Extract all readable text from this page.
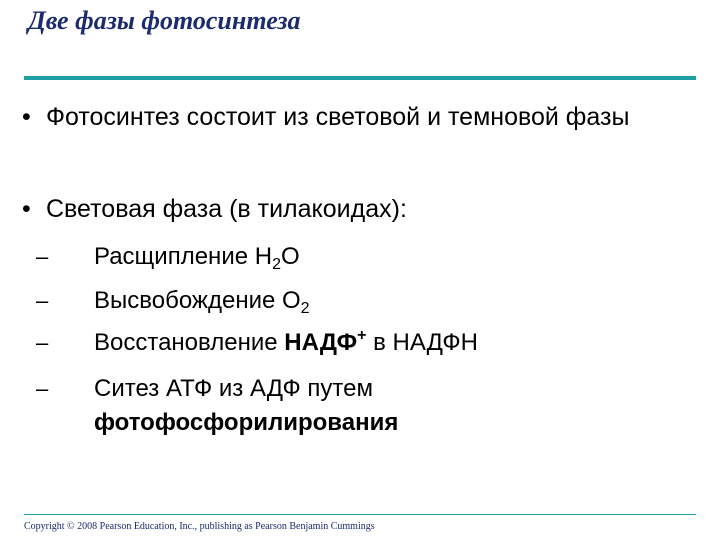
Две фазы фотосинтеза
• Фотосинтез состоит из световой и темновой фазы
• Световая фаза (в тилакоидах):
– Расщипление $H_2O$
– Высвобождение $O_2$
– Восстановление НАДФ+ в НАДФН
– Ситез АТФ из АДФ путем
фотофосфорилирования
Copyright © 2008 Pearson Education, Inc., publishing as Pearson Benjamin Cummings
